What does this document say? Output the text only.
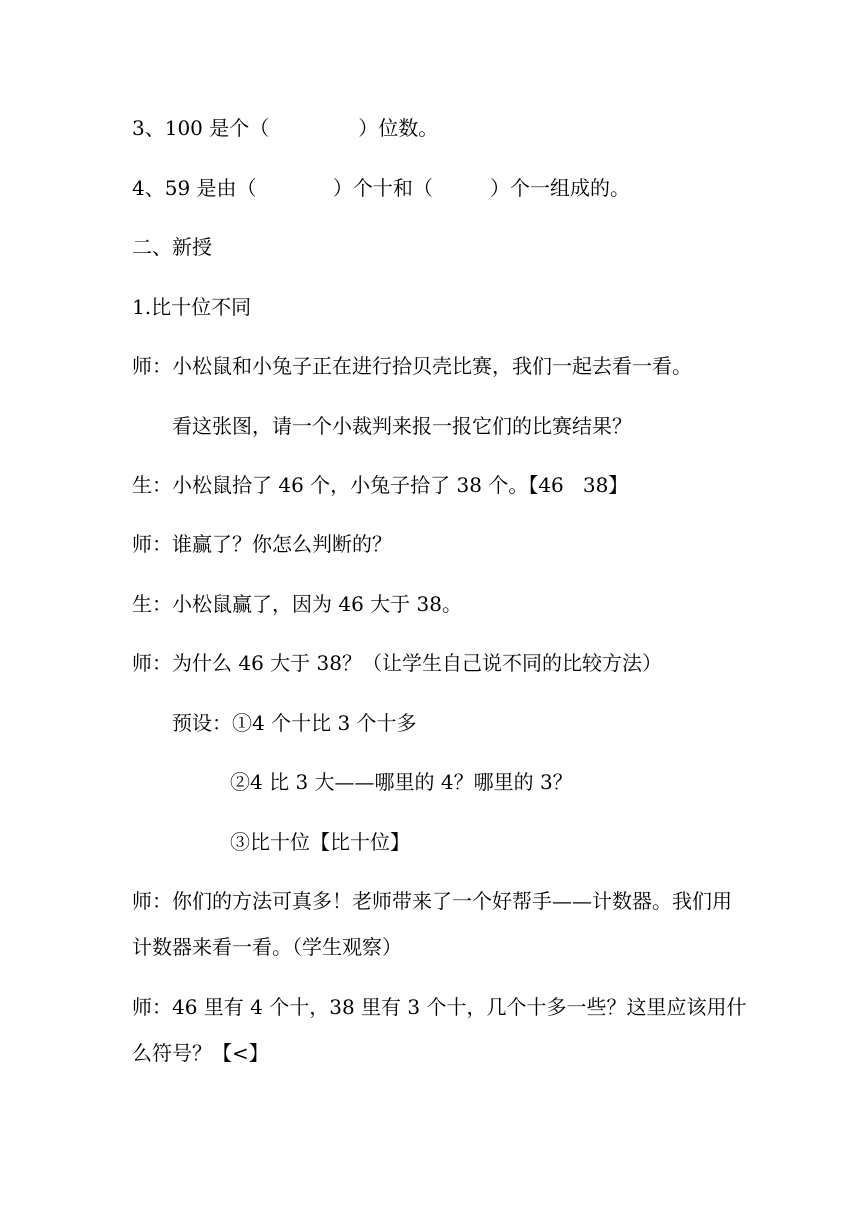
3、100 是个（              ）位数。
4、59 是由（            ）个十和（         ）个一组成的。
二、新授
1.比十位不同
师：小松鼠和小兔子正在进行拾贝壳比赛，我们一起去看一看。
看这张图，请一个小裁判来报一报它们的比赛结果？
生：小松鼠拾了 46 个，小兔子拾了 38 个。【46   38】
师：谁赢了？你怎么判断的？
生：小松鼠赢了，因为 46 大于 38。
师：为什么 46 大于 38？（让学生自己说不同的比较方法）
预设：①4 个十比 3 个十多
②4 比 3 大——哪里的 4？哪里的 3？
③比十位【比十位】
师：你们的方法可真多！老师带来了一个好帮手——计数器。我们用
计数器来看一看。（学生观察）
师：46 里有 4 个十，38 里有 3 个十，几个十多一些？这里应该用什
么符号？【<】
